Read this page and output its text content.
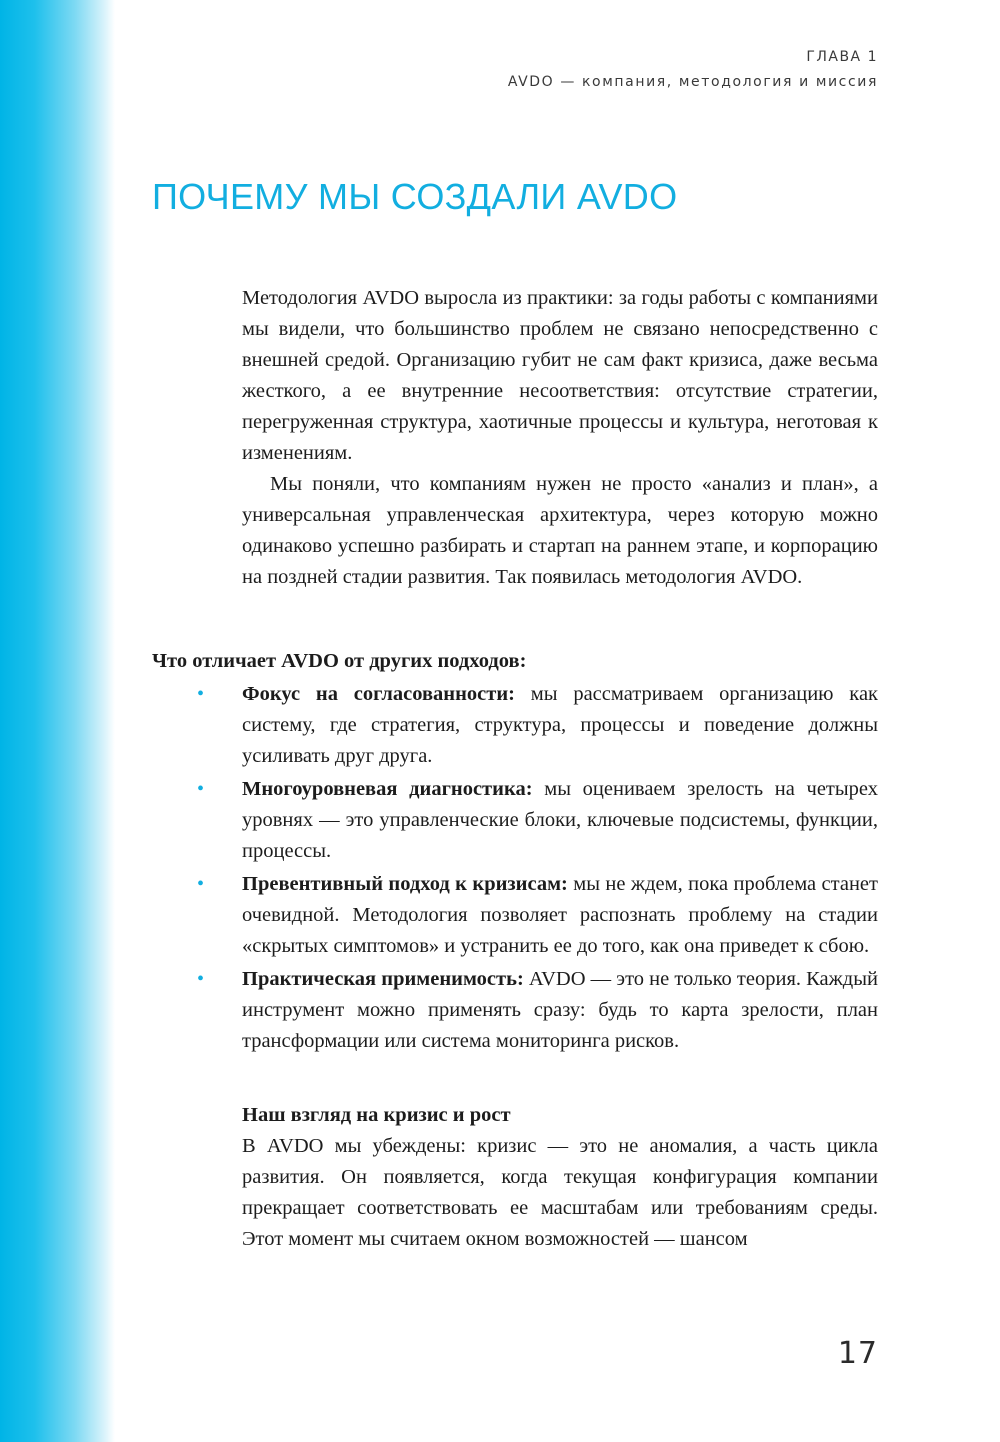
ГЛАВА 1
AVDO — компания, методология и миссия
ПОЧЕМУ МЫ СОЗДАЛИ AVDO

Методология AVDO выросла из практики: за годы работы с компаниями мы видели, что большинство проблем не связано непосредственно с внешней средой. Организацию губит не сам факт кризиса, даже весьма жесткого, а ее внутренние несоответствия: отсутствие стратегии, перегруженная структура, хаотичные процессы и культура, неготовая к изменениям.

Мы поняли, что компаниям нужен не просто «анализ и план», а универсальная управленческая архитектура, через которую можно одинаково успешно разбирать и стартап на раннем этапе, и корпорацию на поздней стадии развития. Так появилась методология AVDO.

Что отличает AVDO от других подходов:

• Фокус на согласованности: мы рассматриваем организацию как систему, где стратегия, структура, процессы и поведение должны усиливать друг друга.
• Многоуровневая диагностика: мы оцениваем зрелость на четырех уровнях — это управленческие блоки, ключевые подсистемы, функции, процессы.
• Превентивный подход к кризисам: мы не ждем, пока проблема станет очевидной. Методология позволяет распознать проблему на стадии «скрытых симптомов» и устранить ее до того, как она приведет к сбою.
• Практическая применимость: AVDO — это не только теория. Каждый инструмент можно применять сразу: будь то карта зрелости, план трансформации или система мониторинга рисков.

Наш взгляд на кризис и рост

В AVDO мы убеждены: кризис — это не аномалия, а часть цикла развития. Он появляется, когда текущая конфигурация компании прекращает соответствовать ее масштабам или требованиям среды. Этот момент мы считаем окном возможностей — шансом

17
